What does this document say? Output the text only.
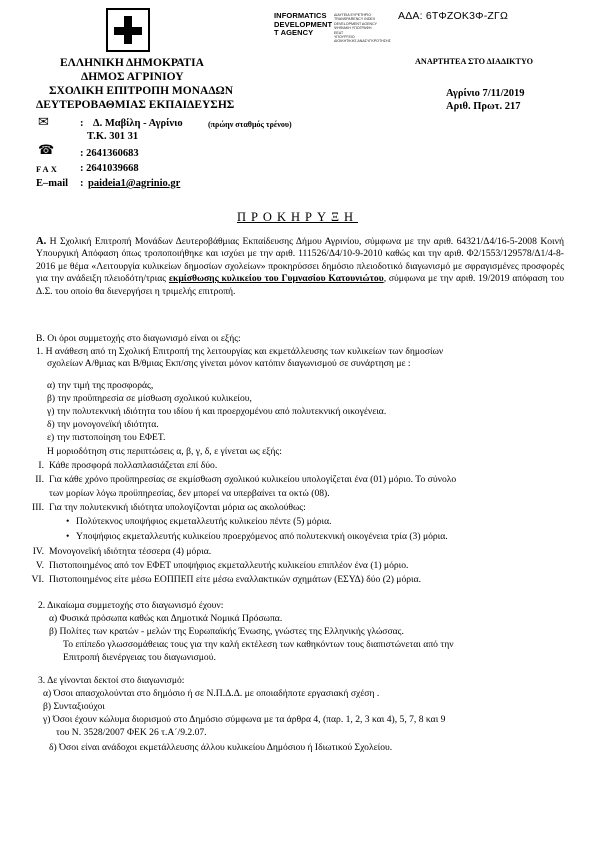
ΑΔΑ: 6ΤΦΖΟΚ3Φ-ΖΓΩ
INFORMATICS
DEVELOPMENT
T AGENCY
ΔΙΑΥΓΕΙΑ ΕΥΡΕΤΗΡΙΟ
TRANSPARENCY INDEX
DEVELOPMENT AGENCY
ΨΗΦΙΑΚΗ ΥΠΟΓΡΑΦΗ
ΕΕΔΤ
ΥΠΟΥΡΓΕΙΟ
ΔΙΟΙΚΗΤΙΚΗΣ ΑΝΑΣΥΓΚΡΟΤΗΣΗΣ
ΕΛΛΗΝΙΚΗ ΔΗΜΟΚΡΑΤΙΑ
ΔΗΜΟΣ ΑΓΡΙΝΙΟΥ
ΣΧΟΛΙΚΗ ΕΠΙΤΡΟΠΗ ΜΟΝΑΔΩΝ
ΔΕΥΤΕΡΟΒΑΘΜΙΑΣ ΕΚΠΑΙΔΕΥΣΗΣ
ΑΝΑΡΤΗΤΕΑ ΣΤΟ ΔΙΑΔΙΚΤΥΟ
Αγρίνιο 7/11/2019
Αριθ. Πρωτ. 217
✉	: Δ. Μαβίλη - Αγρίνιο	(πρώην σταθμός τρένου)
Τ.Κ. 301 31
☎ : 2641360683
FAX : 2641039668
E–mail : paideia1@agrinio.gr
ΠΡΟΚΗΡΥΞΗ
Α. Η Σχολική Επιτροπή Μονάδων Δευτεροβάθμιας Εκπαίδευσης Δήμου Αγρινίου, σύμφωνα με την αριθ. 64321/Δ4/16-5-2008 Κοινή Υπουργική Απόφαση όπως τροποποιήθηκε και ισχύει με την αριθ. 111526/Δ4/10-9-2010 καθώς και την αριθ. Φ2/1553/129578/Δ1/4-8-2016 με θέμα «Λειτουργία κυλικείων δημοσίων σχολείων» προκηρύσσει δημόσιο πλειοδοτικό διαγωνισμό με σφραγισμένες προσφορές για την ανάδειξη πλειοδότη/τριας εκμίσθωσης κυλικείου του Γυμνασίου Κατουνιώτου, σύμφωνα με την αριθ. 19/2019 απόφαση του Δ.Σ. του οποίο θα διενεργήσει η τριμελής επιτροπή.
Β. Οι όροι συμμετοχής στο διαγωνισμό είναι οι εξής:
1. Η ανάθεση από τη Σχολική Επιτροπή της λειτουργίας και εκμετάλλευσης των κυλικείων των δημοσίων
σχολείων Α/θμιας και Β/θμιας Εκπ/σης γίνεται μόνον κατόπιν διαγωνισμού σε συνάρτηση με :
α) την τιμή της προσφοράς,
β) την προϋπηρεσία σε μίσθωση σχολικού κυλικείου,
γ) την πολυτεκνική ιδιότητα του ιδίου ή και προερχομένου από πολυτεκνική οικογένεια.
δ) την μονογονεϊκή ιδιότητα.
ε) την πιστοποίηση του ΕΦΕΤ.
Η μοριοδότηση στις περιπτώσεις α, β, γ, δ, ε γίνεται ως εξής:
I. Κάθε προσφορά πολλαπλασιάζεται επί δύο.
II. Για κάθε χρόνο προϋπηρεσίας σε εκμίσθωση σχολικού κυλικείου υπολογίζεται ένα (01) μόριο. Το σύνολο
των μορίων λόγω προϋπηρεσίας, δεν μπορεί να υπερβαίνει τα οκτώ (08).
III. Για την πολυτεκνική ιδιότητα υπολογίζονται μόρια ως ακολούθως:
• Πολύτεκνος υποψήφιος εκμεταλλευτής κυλικείου πέντε (5) μόρια.
• Υποψήφιος εκμεταλλευτής κυλικείου προερχόμενος από πολυτεκνική οικογένεια τρία (3) μόρια.
IV. Μονογονεϊκή ιδιότητα τέσσερα (4) μόρια.
V. Πιστοποιημένος από τον ΕΦΕΤ υποψήφιος εκμεταλλευτής κυλικείου επιπλέον ένα (1) μόριο.
VI. Πιστοποιημένος είτε μέσω ΕΟΠΠΕΠ είτε μέσω εναλλακτικών σχημάτων (ΕΣΥΔ) δύο (2) μόρια.
2. Δικαίωμα συμμετοχής στο διαγωνισμό έχουν:
α) Φυσικά πρόσωπα καθώς και Δημοτικά Νομικά Πρόσωπα.
β) Πολίτες των κρατών - μελών της Ευρωπαϊκής Ένωσης, γνώστες της Ελληνικής γλώσσας.
Το επίπεδο γλωσσομάθειας τους για την καλή εκτέλεση των καθηκόντων τους διαπιστώνεται από την
Επιτροπή διενέργειας του διαγωνισμού.
3. Δε γίνονται δεκτοί στο διαγωνισμό:
α) Όσοι απασχολούνται στο δημόσιο ή σε Ν.Π.Δ.Δ. με οποιαδήποτε εργασιακή σχέση .
β) Συνταξιούχοι
γ) Όσοι έχουν κώλυμα διορισμού στο Δημόσιο σύμφωνα με τα άρθρα 4, (παρ. 1, 2, 3 και 4), 5, 7, 8 και 9
του Ν. 3528/2007 ΦΕΚ 26 τ.Α΄/9.2.07.
δ) Όσοι είναι ανάδοχοι εκμετάλλευσης άλλου κυλικείου Δημόσιου ή Ιδιωτικού Σχολείου.
